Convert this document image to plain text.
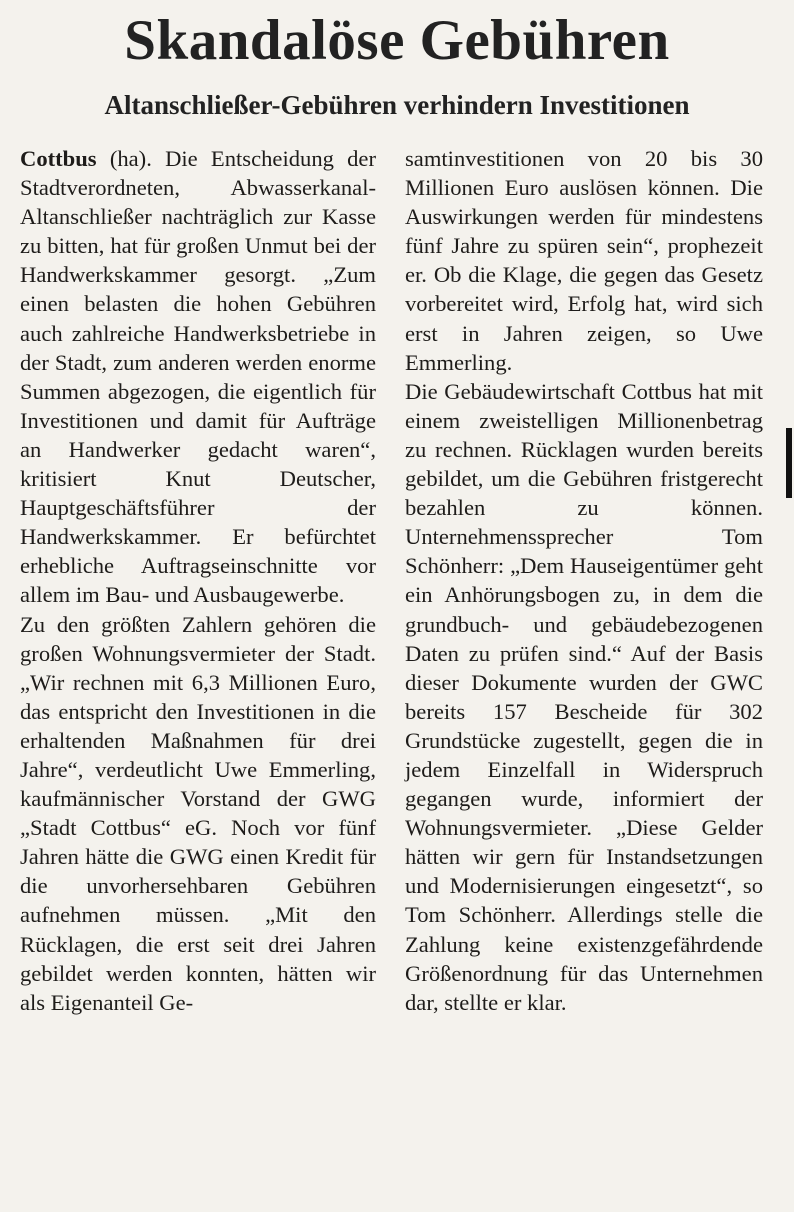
Skandalöse Gebühren
Altanschließer-Gebühren verhindern Investitionen

Cottbus (ha). Die Entscheidung der Stadtverordneten, Abwasserkanal-Altanschließer nachträglich zur Kasse zu bitten, hat für großen Unmut bei der Handwerkskammer gesorgt. „Zum einen belasten die hohen Gebühren auch zahlreiche Handwerksbetriebe in der Stadt, zum anderen werden enorme Summen abgezogen, die eigentlich für Investitionen und damit für Aufträge an Handwerker gedacht waren“, kritisiert Knut Deutscher, Hauptgeschäftsführer der Handwerkskammer. Er befürchtet erhebliche Auftragseinschnitte vor allem im Bau- und Ausbaugewerbe.

Zu den größten Zahlern gehören die großen Wohnungsvermieter der Stadt. „Wir rechnen mit 6,3 Millionen Euro, das entspricht den Investitionen in die erhaltenden Maßnahmen für drei Jahre“, verdeutlicht Uwe Emmerling, kaufmännischer Vorstand der GWG „Stadt Cottbus“ eG. Noch vor fünf Jahren hätte die GWG einen Kredit für die unvorhersehbaren Gebühren aufnehmen müssen. „Mit den Rücklagen, die erst seit drei Jahren gebildet werden konnten, hätten wir als Eigenanteil Ge-

samtinvestitionen von 20 bis 30 Millionen Euro auslösen können. Die Auswirkungen werden für mindestens fünf Jahre zu spüren sein“, prophezeit er. Ob die Klage, die gegen das Gesetz vorbereitet wird, Erfolg hat, wird sich erst in Jahren zeigen, so Uwe Emmerling.

Die Gebäudewirtschaft Cottbus hat mit einem zweistelligen Millionenbetrag zu rechnen. Rücklagen wurden bereits gebildet, um die Gebühren fristgerecht bezahlen zu können. Unternehmenssprecher Tom Schönherr: „Dem Hauseigentümer geht ein Anhörungsbogen zu, in dem die grundbuch- und gebäudebezogenen Daten zu prüfen sind.“ Auf der Basis dieser Dokumente wurden der GWC bereits 157 Bescheide für 302 Grundstücke zugestellt, gegen die in jedem Einzelfall in Widerspruch gegangen wurde, informiert der Wohnungsvermieter. „Diese Gelder hätten wir gern für Instandsetzungen und Modernisierungen eingesetzt“, so Tom Schönherr. Allerdings stelle die Zahlung keine existenzgefährdende Größenordnung für das Unternehmen dar, stellte er klar.
